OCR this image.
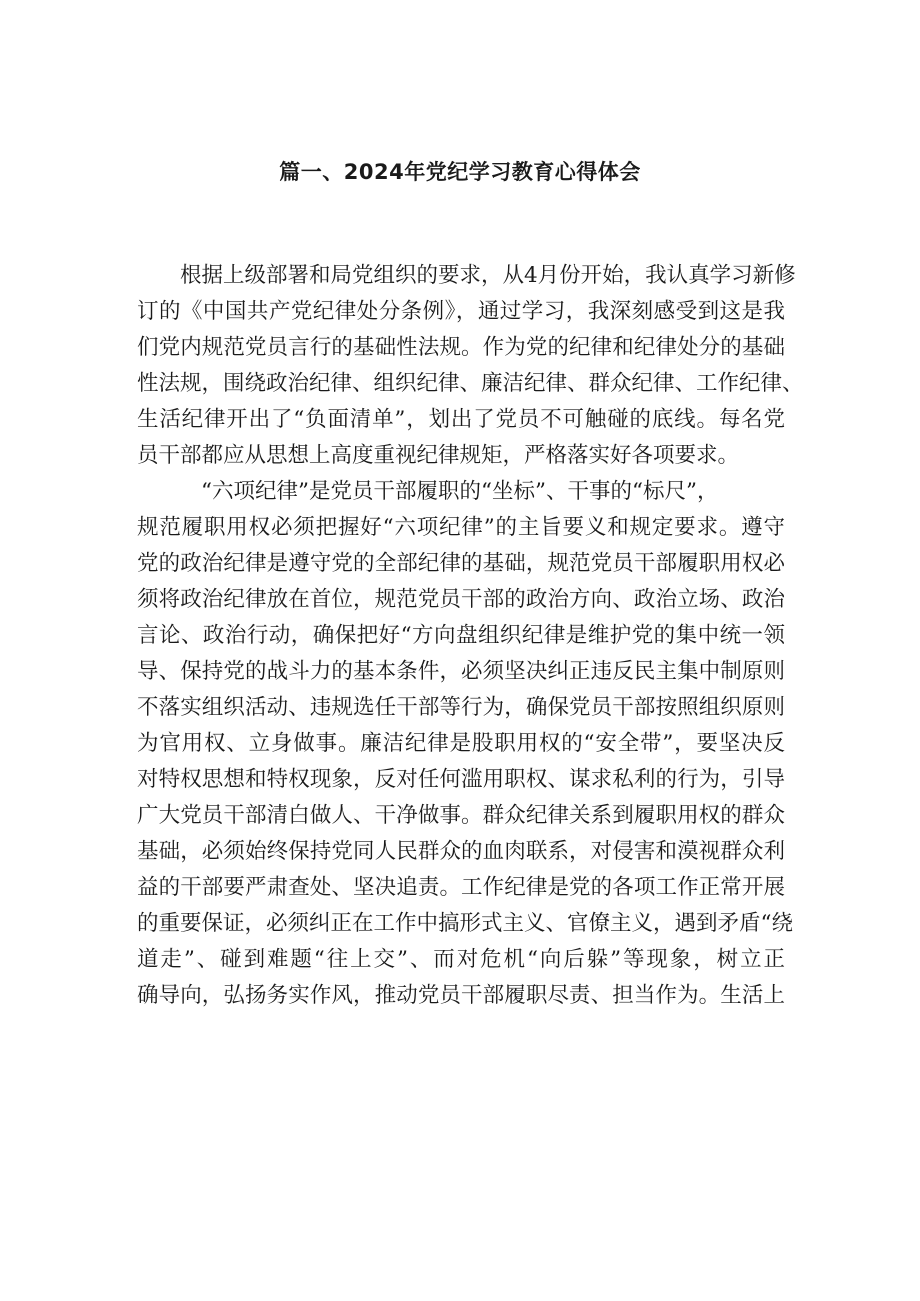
篇一、2024年党纪学习教育心得体会
根据上级部署和局党组织的要求，从4月份开始，我认真学习新修
订的《中国共产党纪律处分条例》，通过学习，我深刻感受到这是我
们党内规范党员言行的基础性法规。作为党的纪律和纪律处分的基础
性法规，围绕政治纪律、组织纪律、廉洁纪律、群众纪律、工作纪律、
生活纪律开出了“负面清单”，划出了党员不可触碰的底线。每名党
员干部都应从思想上高度重视纪律规矩，严格落实好各项要求。
“六项纪律”是党员干部履职的“坐标”、干事的“标尺”，
规范履职用权必须把握好“六项纪律”的主旨要义和规定要求。遵守
党的政治纪律是遵守党的全部纪律的基础，规范党员干部履职用权必
须将政治纪律放在首位，规范党员干部的政治方向、政治立场、政治
言论、政治行动，确保把好“方向盘组织纪律是维护党的集中统一领
导、保持党的战斗力的基本条件，必须坚决纠正违反民主集中制原则
不落实组织活动、违规选任干部等行为，确保党员干部按照组织原则
为官用权、立身做事。廉洁纪律是股职用权的“安全带”，要坚决反
对特权思想和特权现象，反对任何滥用职权、谋求私利的行为，引导
广大党员干部清白做人、干净做事。群众纪律关系到履职用权的群众
基础，必须始终保持党同人民群众的血肉联系，对侵害和漠视群众利
益的干部要严肃查处、坚决追责。工作纪律是党的各项工作正常开展
的重要保证，必须纠正在工作中搞形式主义、官僚主义，遇到矛盾“绕
道走”、碰到难题“往上交”、而对危机“向后躲”等现象，树立正
确导向，弘扬务实作风，推动党员干部履职尽责、担当作为。生活上
